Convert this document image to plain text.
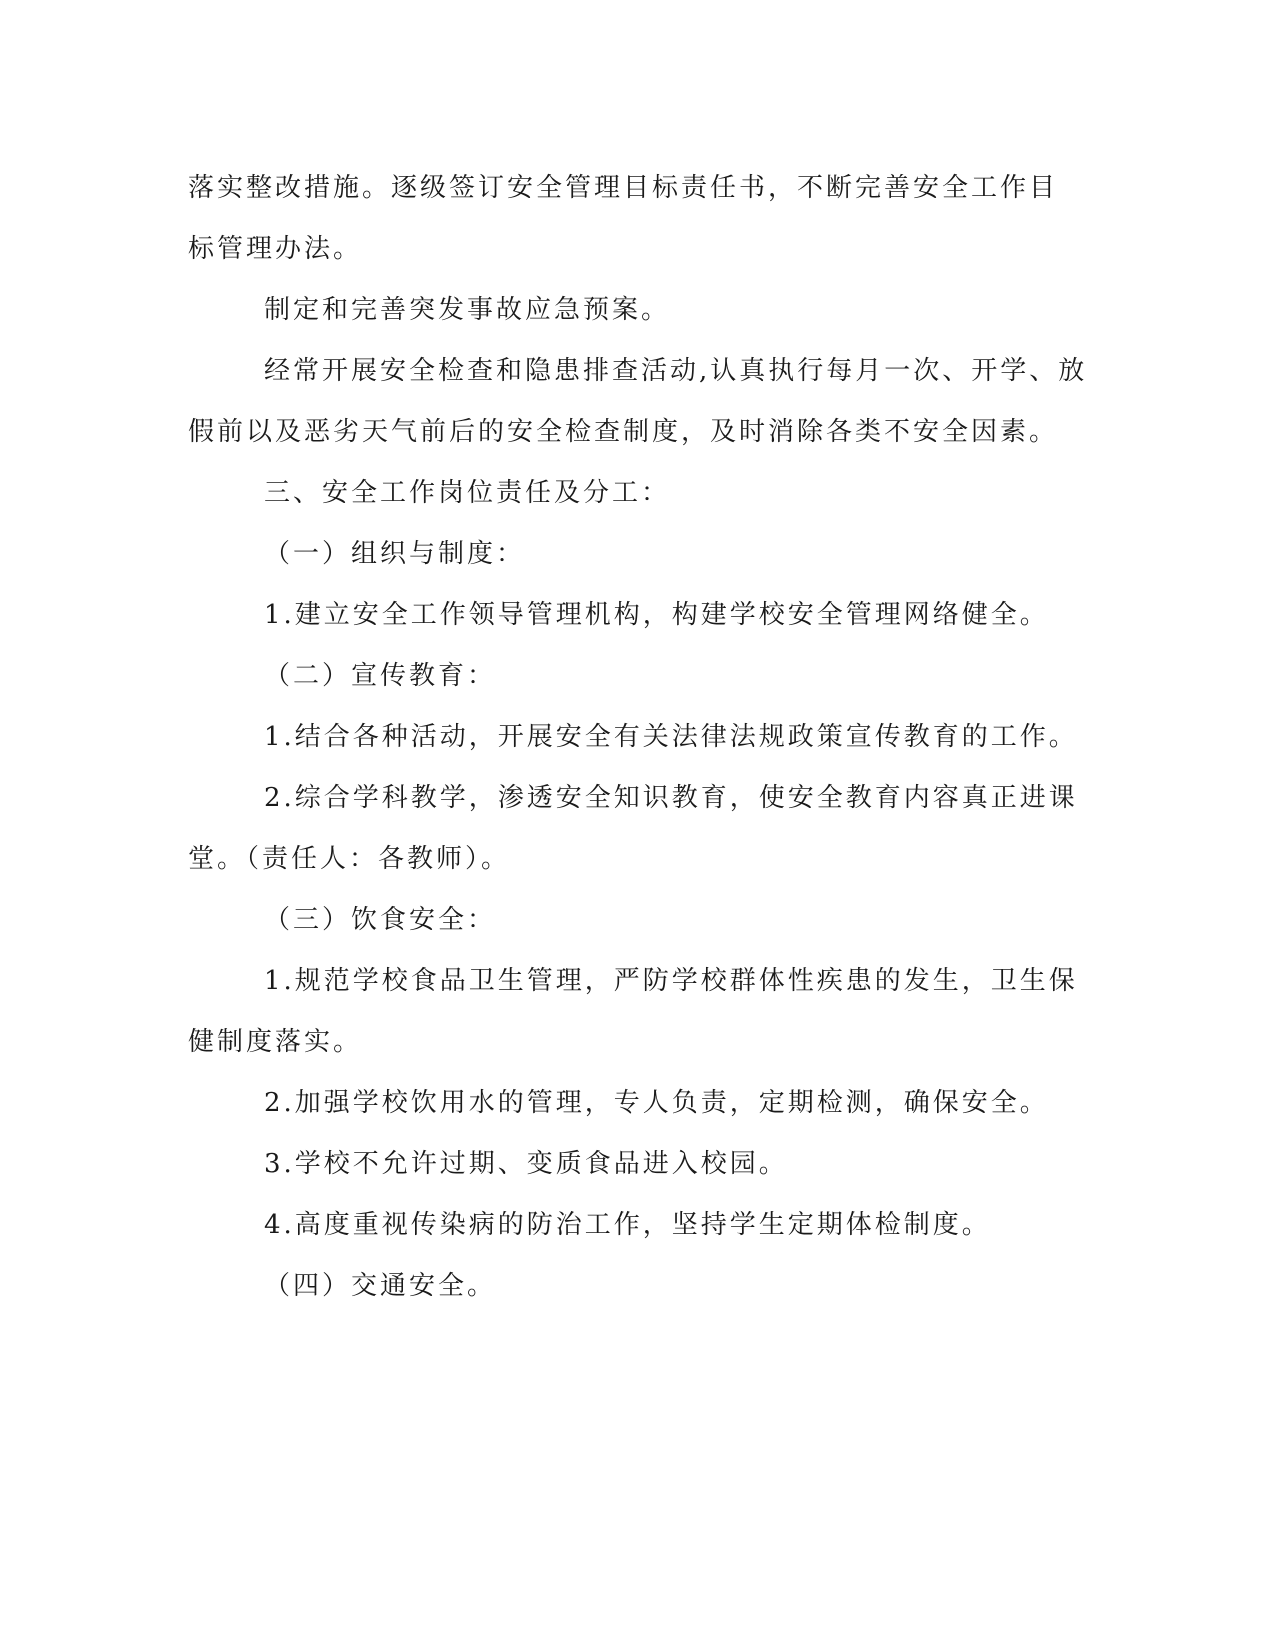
落实整改措施。逐级签订安全管理目标责任书，不断完善安全工作目

标管理办法。

制定和完善突发事故应急预案。

经常开展安全检查和隐患排查活动,认真执行每月一次、开学、放

假前以及恶劣天气前后的安全检查制度，及时消除各类不安全因素。

三、安全工作岗位责任及分工：

（一）组织与制度：

1.建立安全工作领导管理机构，构建学校安全管理网络健全。

（二）宣传教育：

1.结合各种活动，开展安全有关法律法规政策宣传教育的工作。

2.综合学科教学，渗透安全知识教育，使安全教育内容真正进课

堂。（责任人：各教师）。

（三）饮食安全：

1.规范学校食品卫生管理，严防学校群体性疾患的发生，卫生保

健制度落实。

2.加强学校饮用水的管理，专人负责，定期检测，确保安全。

3.学校不允许过期、变质食品进入校园。

4.高度重视传染病的防治工作，坚持学生定期体检制度。

（四）交通安全。
